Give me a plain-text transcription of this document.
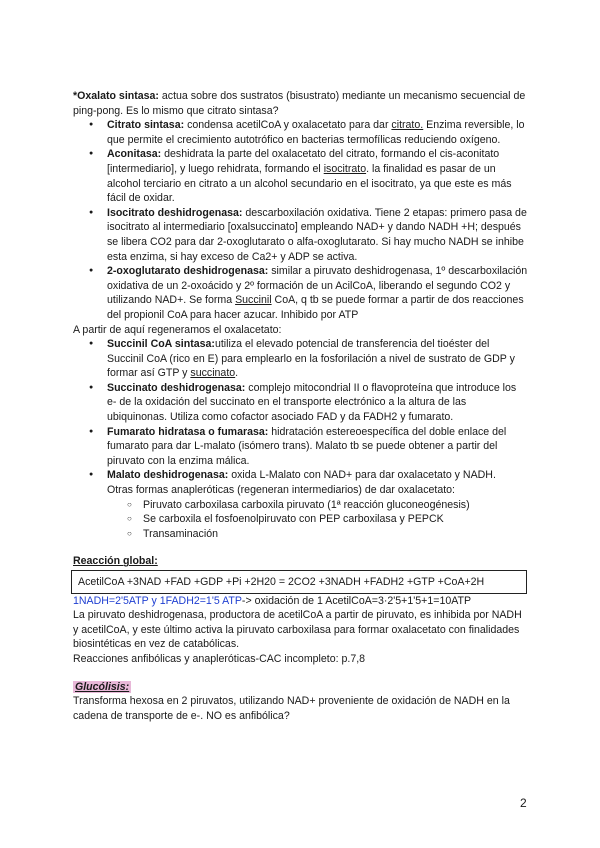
*Oxalato sintasa: actua sobre dos sustratos (bisustrato) mediante un mecanismo secuencial de ping-pong. Es lo mismo que citrato sintasa?

● Citrato sintasa: condensa acetilCoA y oxalacetato para dar citrato. Enzima reversible, lo que permite el crecimiento autotrófico en bacterias termofílicas reduciendo oxígeno.
● Aconitasa: deshidrata la parte del oxalacetato del citrato, formando el cis-aconitato [intermediario], y luego rehidrata, formando el isocitrato. la finalidad es pasar de un alcohol terciario en citrato a un alcohol secundario en el isocitrato, ya que este es más fácil de oxidar.
● Isocitrato deshidrogenasa: descarboxilación oxidativa. Tiene 2 etapas: primero pasa de isocitrato al intermediario [oxalsuccinato] empleando NAD+ y dando NADH +H; después se libera CO2 para dar 2-oxoglutarato o alfa-oxoglutarato. Si hay mucho NADH se inhibe esta enzima, si hay exceso de Ca2+ y ADP se activa.
● 2-oxoglutarato deshidrogenasa: similar a piruvato deshidrogenasa, 1º descarboxilación oxidativa de un 2-oxoácido y 2º formación de un AcilCoA, liberando el segundo CO2 y utilizando NAD+. Se forma Succinil CoA, q tb se puede formar a partir de dos reacciones del propionil CoA para hacer azucar. Inhibido por ATP

A partir de aquí regeneramos el oxalacetato:

● Succinil CoA sintasa:utiliza el elevado potencial de transferencia del tioéster del Succinil CoA (rico en E) para emplearlo en la fosforilación a nivel de sustrato de GDP y formar así GTP y succinato.
● Succinato deshidrogenasa: complejo mitocondrial II o flavoproteína que introduce los e- de la oxidación del succinato en el transporte electrónico a la altura de las ubiquinonas. Utiliza como cofactor asociado FAD y da FADH2 y fumarato.
● Fumarato hidratasa o fumarasa: hidratación estereoespecífica del doble enlace del fumarato para dar L-malato (isómero trans). Malato tb se puede obtener a partir del piruvato con la enzima málica.
● Malato deshidrogenasa: oxida L-Malato con NAD+ para dar oxalacetato y NADH.
Otras formas anapleróticas (regeneran intermediarios) de dar oxalacetato:
○ Piruvato carboxilasa carboxila piruvato (1ª reacción gluconeogénesis)
○ Se carboxila el fosfoenolpiruvato con PEP carboxilasa y PEPCK
○ Transaminación

Reacción global:

AcetilCoA +3NAD +FAD +GDP +Pi +2H20 = 2CO2 +3NADH +FADH2 +GTP +CoA+2H

1NADH=2'5ATP y 1FADH2=1'5 ATP-> oxidación de 1 AcetilCoA=3·2'5+1'5+1=10ATP

La piruvato deshidrogenasa, productora de acetilCoA a partir de piruvato, es inhibida por NADH y acetilCoA, y este último activa la piruvato carboxilasa para formar oxalacetato con finalidades biosintéticas en vez de catabólicas.

Reacciones anfibólicas y anapleróticas-CAC incompleto: p.7,8

Glucólisis:

Transforma hexosa en 2 piruvatos, utilizando NAD+ proveniente de oxidación de NADH en la cadena de transporte de e-. NO es anfibólica?

2
